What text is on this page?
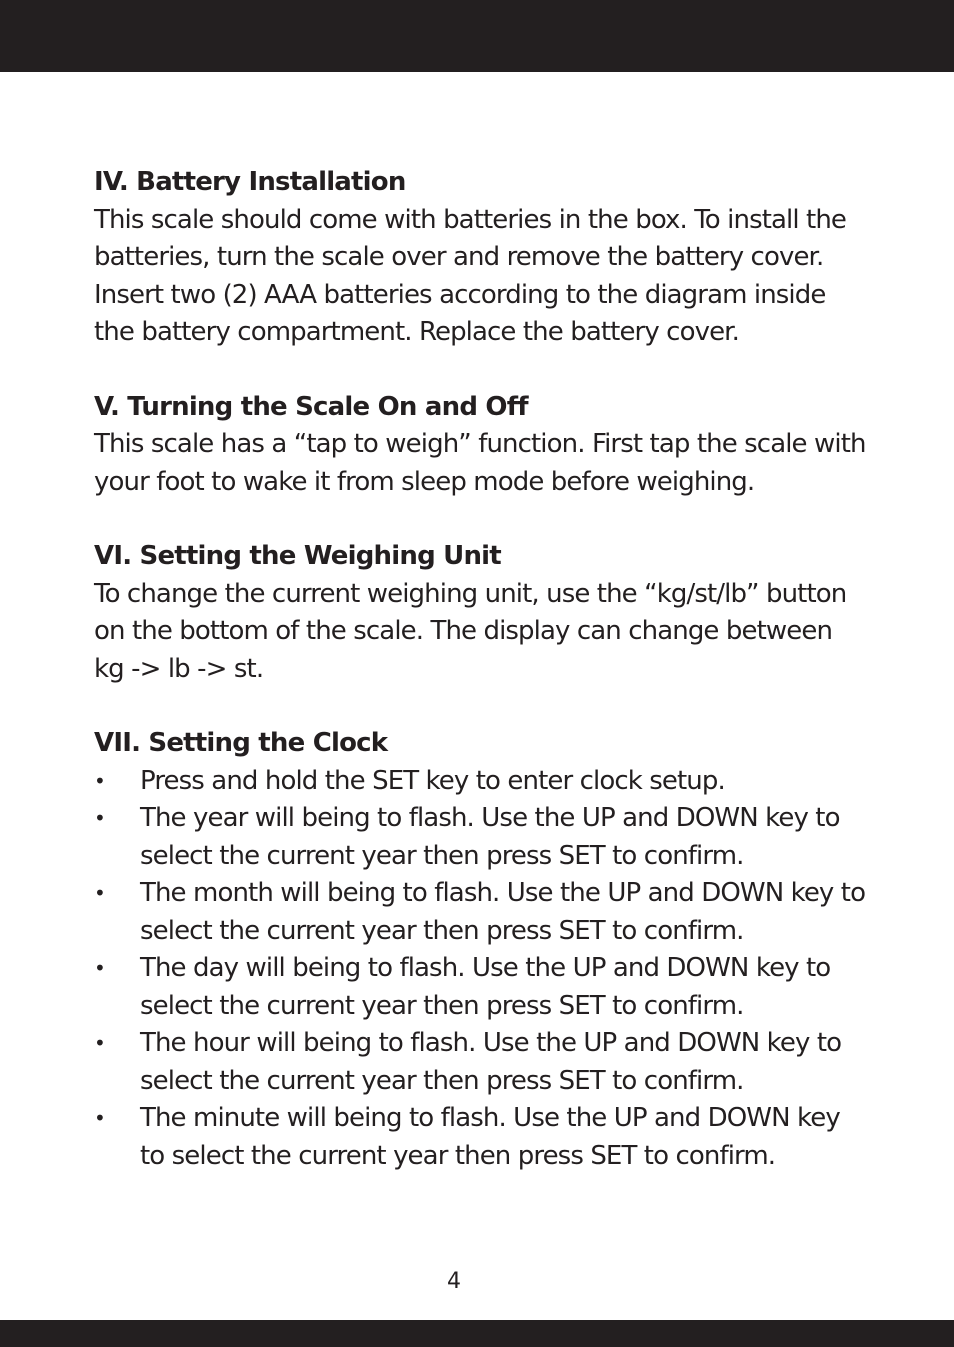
IV. Battery Installation

This scale should come with batteries in the box. To install the batteries, turn the scale over and remove the battery cover. Insert two (2) AAA batteries according to the diagram inside the battery compartment. Replace the battery cover.

V. Turning the Scale On and Off

This scale has a “tap to weigh” function. First tap the scale with your foot to wake it from sleep mode before weighing.

VI. Setting the Weighing Unit

To change the current weighing unit, use the “kg/st/lb” button on the bottom of the scale. The display can change between kg -> lb -> st.

VII. Setting the Clock
• Press and hold the SET key to enter clock setup.
• The year will being to flash. Use the UP and DOWN key to select the current year then press SET to confirm.
• The month will being to flash. Use the UP and DOWN key to select the current year then press SET to confirm.
• The day will being to flash. Use the UP and DOWN key to select the current year then press SET to confirm.
• The hour will being to flash. Use the UP and DOWN key to select the current year then press SET to confirm.
• The minute will being to flash. Use the UP and DOWN key to select the current year then press SET to confirm.
4
